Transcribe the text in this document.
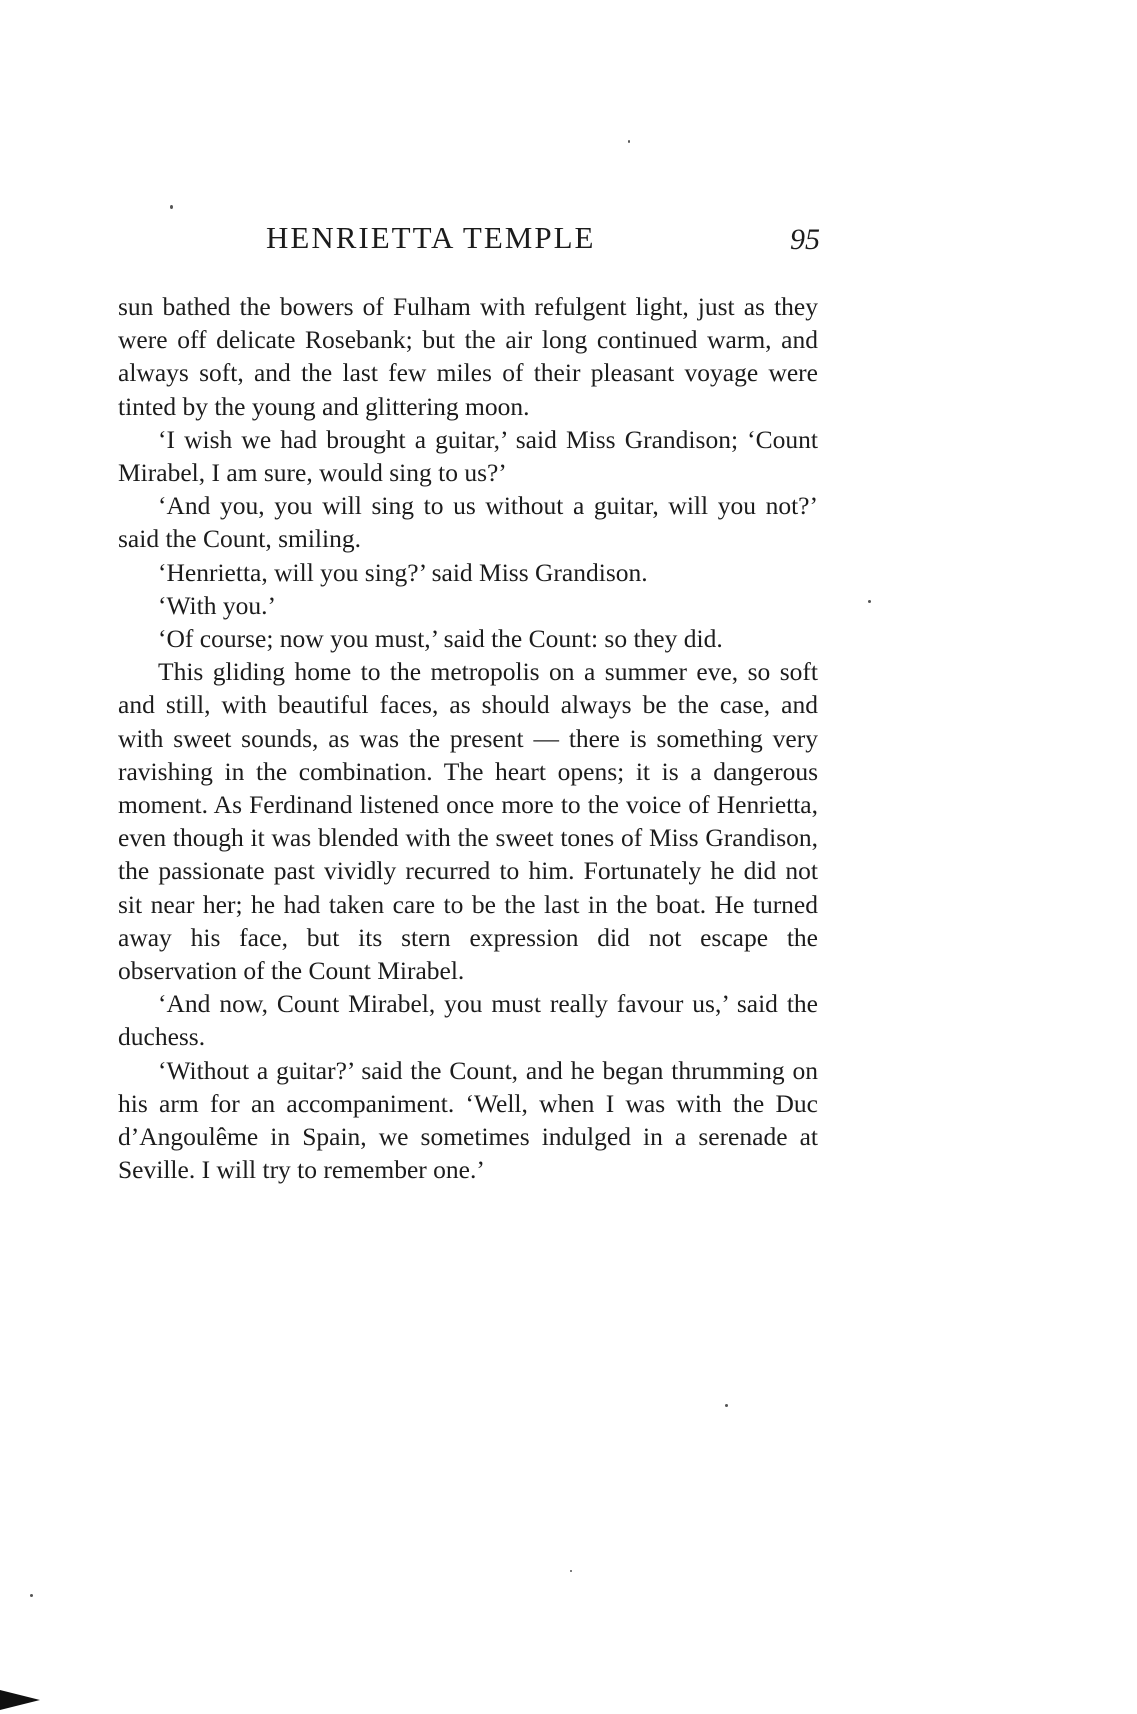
HENRIETTA TEMPLE	95

sun bathed the bowers of Fulham with refulgent light, just as they were off delicate Rosebank; but the air long continued warm, and always soft, and the last few miles of their pleasant voyage were tinted by the young and glittering moon.

‘I wish we had brought a guitar,’ said Miss Grandison; ‘Count Mirabel, I am sure, would sing to us?’

‘And you, you will sing to us without a guitar, will you not?’ said the Count, smiling.

‘Henrietta, will you sing?’ said Miss Grandison.

‘With you.’

‘Of course; now you must,’ said the Count: so they did.

This gliding home to the metropolis on a summer eve, so soft and still, with beautiful faces, as should always be the case, and with sweet sounds, as was the present — there is something very ravishing in the combination. The heart opens; it is a dangerous moment. As Ferdinand listened once more to the voice of Henrietta, even though it was blended with the sweet tones of Miss Grandison, the passionate past vividly recurred to him. Fortunately he did not sit near her; he had taken care to be the last in the boat. He turned away his face, but its stern expression did not escape the observation of the Count Mirabel.

‘And now, Count Mirabel, you must really favour us,’ said the duchess.

‘Without a guitar?’ said the Count, and he began thrumming on his arm for an accompaniment. ‘Well, when I was with the Duc d’Angoulême in Spain, we sometimes indulged in a serenade at Seville. I will try to remember one.’
